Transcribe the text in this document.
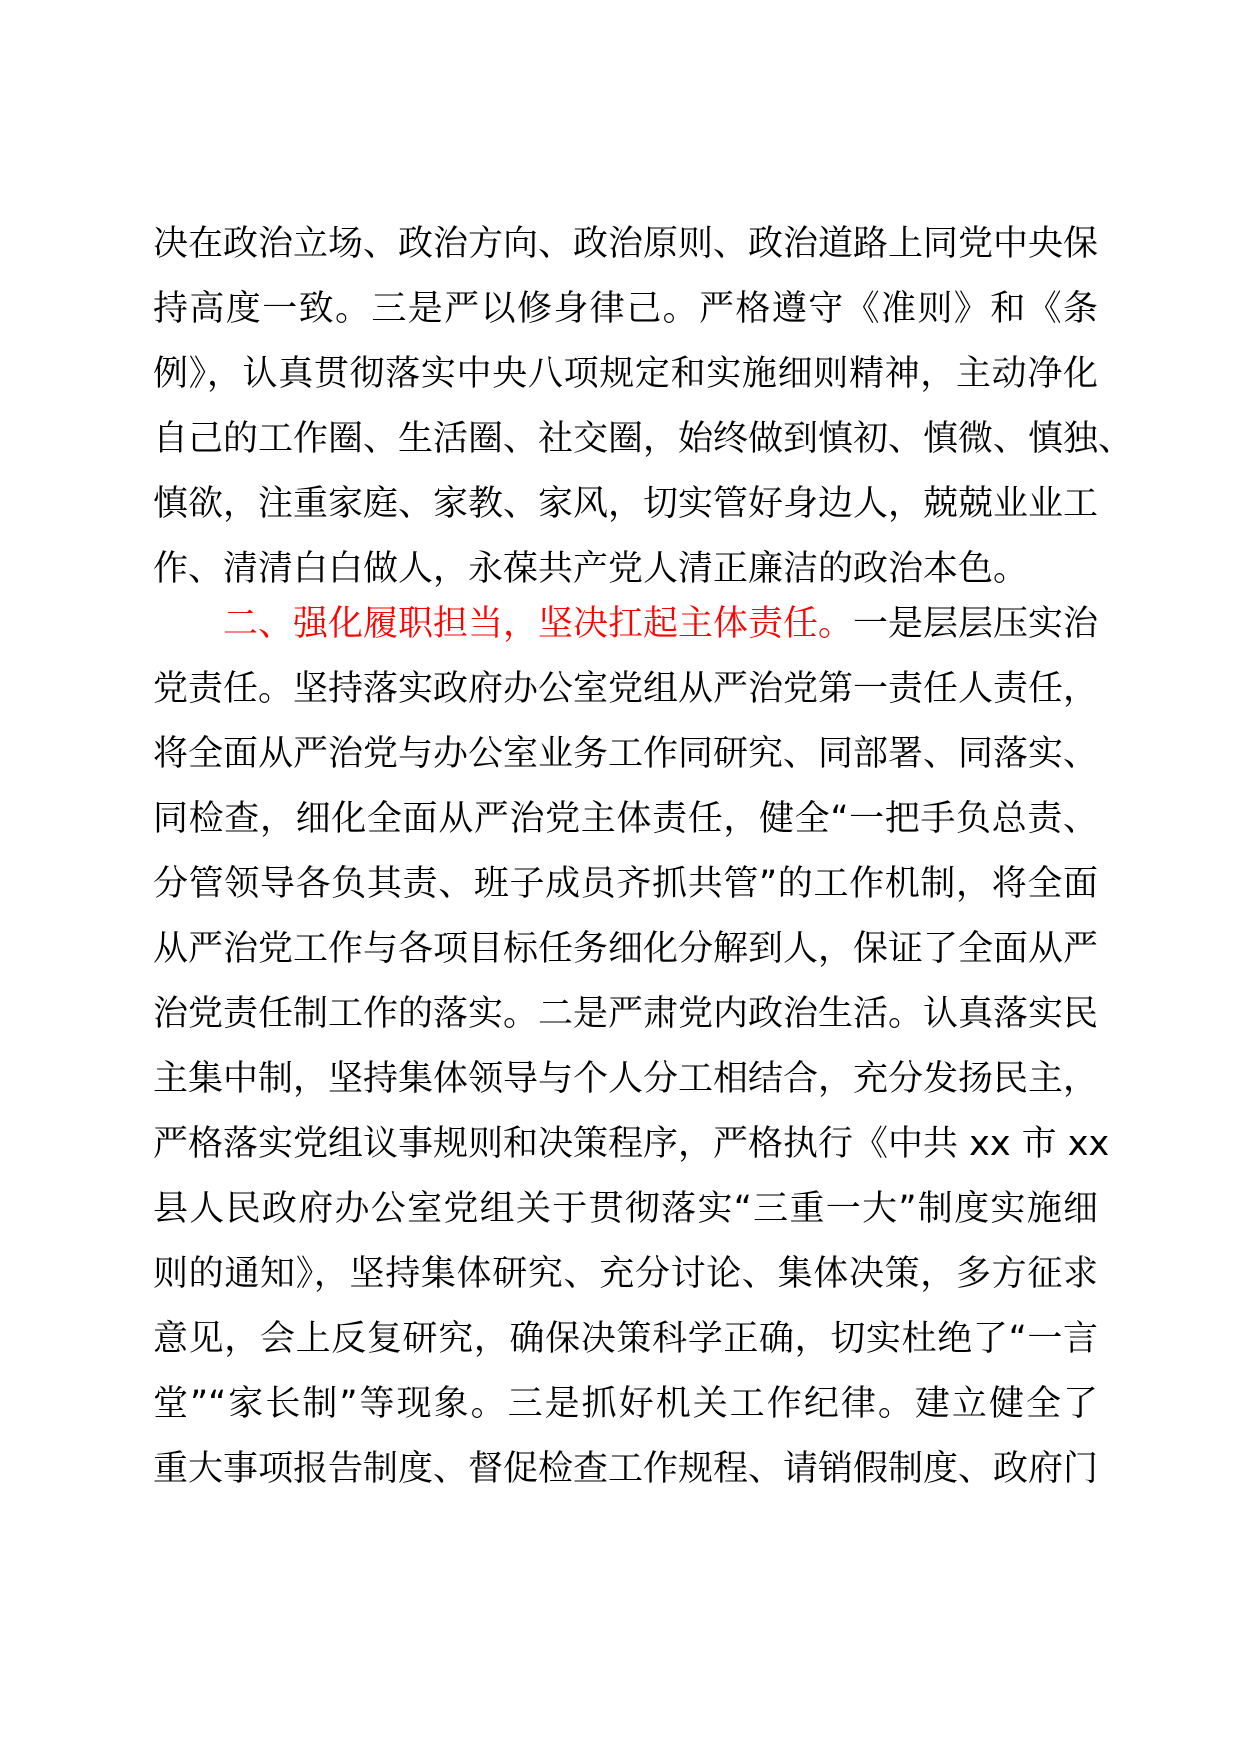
决在政治立场、政治方向、政治原则、政治道路上同党中央保
持高度一致。三是严以修身律己。严格遵守《准则》和《条
例》，认真贯彻落实中央八项规定和实施细则精神，主动净化
自己的工作圈、生活圈、社交圈，始终做到慎初、慎微、慎独、
慎欲，注重家庭、家教、家风，切实管好身边人，兢兢业业工
作、清清白白做人，永葆共产党人清正廉洁的政治本色。
二、强化履职担当，坚决扛起主体责任。一是层层压实治
党责任。坚持落实政府办公室党组从严治党第一责任人责任，
将全面从严治党与办公室业务工作同研究、同部署、同落实、
同检查，细化全面从严治党主体责任，健全“一把手负总责、
分管领导各负其责、班子成员齐抓共管”的工作机制，将全面
从严治党工作与各项目标任务细化分解到人，保证了全面从严
治党责任制工作的落实。二是严肃党内政治生活。认真落实民
主集中制，坚持集体领导与个人分工相结合，充分发扬民主，
严格落实党组议事规则和决策程序，严格执行《中共 xx 市 xx
县人民政府办公室党组关于贯彻落实“三重一大”制度实施细
则的通知》，坚持集体研究、充分讨论、集体决策，多方征求
意见，会上反复研究，确保决策科学正确，切实杜绝了“一言
堂”“家长制”等现象。三是抓好机关工作纪律。建立健全了
重大事项报告制度、督促检查工作规程、请销假制度、政府门
